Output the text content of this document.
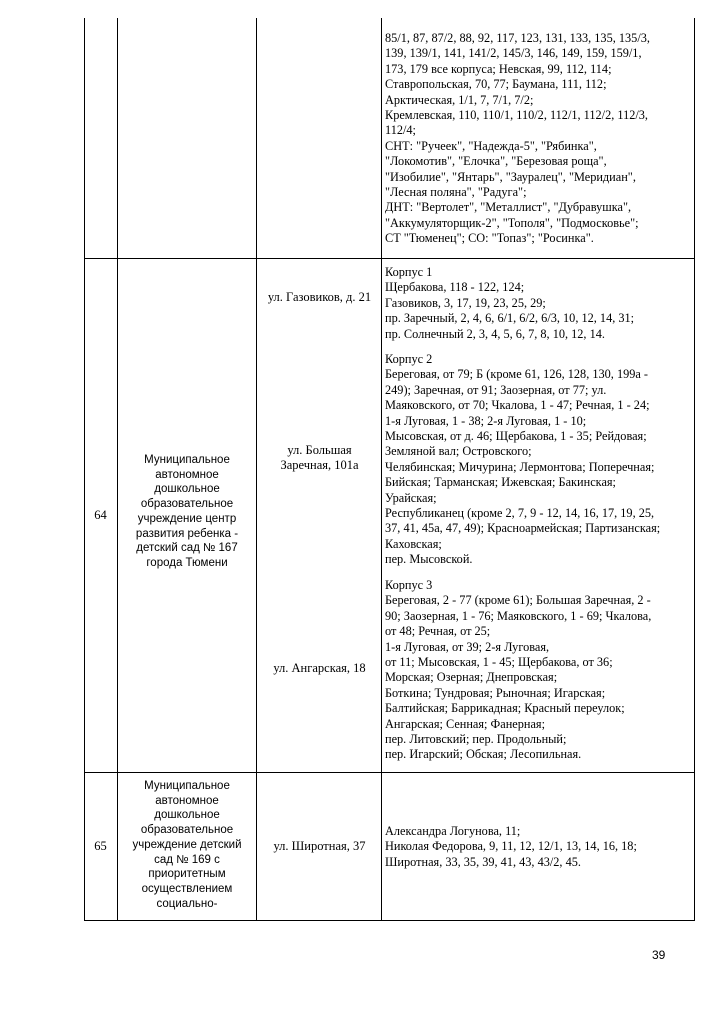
85/1, 87, 87/2, 88, 92, 117, 123, 131, 133, 135, 135/3,
139, 139/1, 141, 141/2, 145/3, 146, 149, 159, 159/1,
173, 179 все корпуса; Невская, 99, 112, 114;
Ставропольская, 70, 77; Баумана, 111, 112;
Арктическая, 1/1, 7, 7/1, 7/2;
Кремлевская, 110, 110/1, 110/2, 112/1, 112/2, 112/3,
112/4;
СНТ: "Ручеек", "Надежда-5", "Рябинка",
"Локомотив", "Елочка", "Березовая роща",
"Изобилие", "Янтарь", "Зауралец", "Меридиан",
"Лесная поляна", "Радуга";
ДНТ: "Вертолет", "Металлист", "Дубравушка",
"Аккумуляторщик-2", "Тополя", "Подмосковье";
СТ "Тюменец"; СО: "Топаз"; "Росинка".
64
Муниципальное
автономное
дошкольное
образовательное
учреждение центр
развития ребенка -
детский сад № 167
города Тюмени
ул. Газовиков, д. 21
ул. Большая
Заречная, 101а
ул. Ангарская, 18
Корпус 1
Щербакова, 118 - 122, 124;
Газовиков, 3, 17, 19, 23, 25, 29;
пр. Заречный, 2, 4, 6, 6/1, 6/2, 6/3, 10, 12, 14, 31;
пр. Солнечный 2, 3, 4, 5, 6, 7, 8, 10, 12, 14.
Корпус 2
Береговая, от 79; Б (кроме 61, 126, 128, 130, 199а -
249); Заречная, от 91; Заозерная, от 77; ул.
Маяковского, от 70; Чкалова, 1 - 47; Речная, 1 - 24;
1-я Луговая, 1 - 38; 2-я Луговая, 1 - 10;
Мысовская, от д. 46; Щербакова, 1 - 35; Рейдовая;
Земляной вал; Островского;
Челябинская; Мичурина; Лермонтова; Поперечная;
Бийская; Тарманская; Ижевская; Бакинская;
Урайская;
Республиканец (кроме 2, 7, 9 - 12, 14, 16, 17, 19, 25,
37, 41, 45а, 47, 49); Красноармейская; Партизанская;
Каховская;
пер. Мысовской.
Корпус 3
Береговая, 2 - 77 (кроме 61); Большая Заречная, 2 -
90; Заозерная, 1 - 76; Маяковского, 1 - 69; Чкалова,
от 48; Речная, от 25;
1-я Луговая, от 39; 2-я Луговая,
от 11; Мысовская, 1 - 45; Щербакова, от 36;
Морская; Озерная; Днепровская;
Боткина; Тундровая; Рыночная; Игарская;
Балтийская; Баррикадная; Красный переулок;
Ангарская; Сенная; Фанерная;
пер. Литовский; пер. Продольный;
пер. Игарский; Обская; Лесопильная.
65
Муниципальное
автономное
дошкольное
образовательное
учреждение детский
сад № 169 с
приоритетным
осуществлением
социально-
ул. Широтная, 37
Александра Логунова, 11;
Николая Федорова, 9, 11, 12, 12/1, 13, 14, 16, 18;
Широтная, 33, 35, 39, 41, 43, 43/2, 45.
39
